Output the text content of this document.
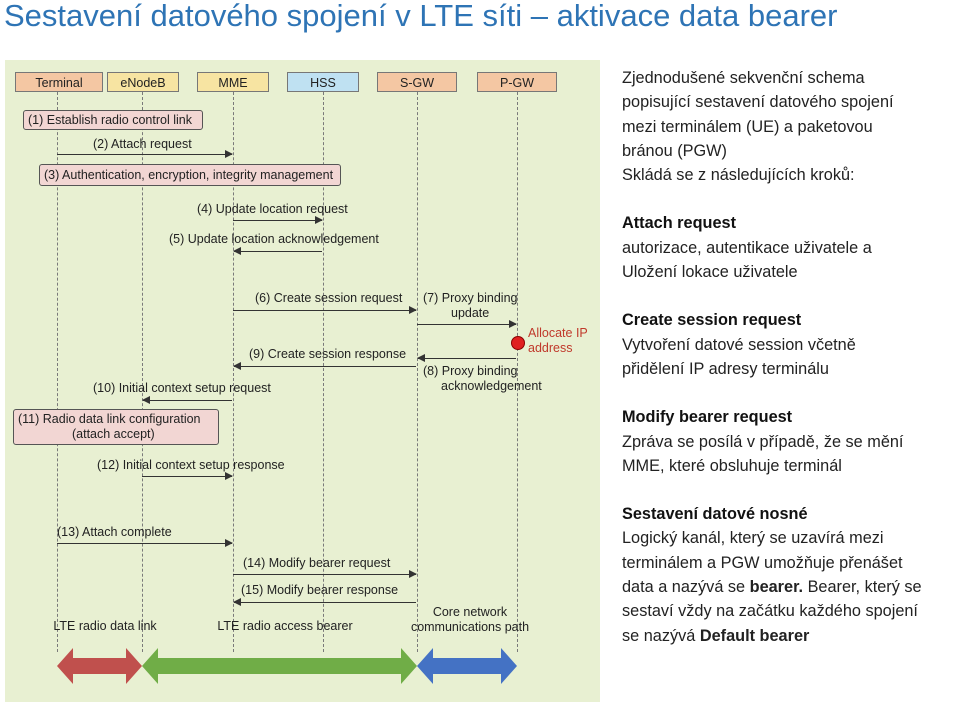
Sestavení datového spojení v LTE síti – aktivace data bearer
Terminal	eNodeB	MME	HSS	S-GW	P-GW
(1) Establish radio control link
(2) Attach request
(3) Authentication, encryption, integrity management
(4) Update location request
(5) Update location acknowledgement
(6) Create session request (7) Proxy binding
update
Allocate IP
address
(9) Create session response
(8) Proxy binding
acknowledgement
(10) Initial context setup request
(11) Radio data link configuration
(attach accept)
(12) Initial context setup response
(13) Attach complete
(14) Modify bearer request
(15) Modify bearer response
LTE radio data link	LTE radio access bearer
Core network
communications path
Zjednodušené sekvenční schema
popisující sestavení datového spojení
mezi terminálem (UE) a paketovou
bránou (PGW)
Skládá se z následujících kroků:
Attach request
autorizace, autentikace uživatele a
Uložení lokace uživatele
Create session request
Vytvoření datové session včetně
přidělení IP adresy terminálu
Modify bearer request
Zpráva se posílá v případě, že se mění
MME, které obsluhuje terminál
Sestavení datové nosné
Logický kanál, který se uzavírá mezi
terminálem a PGW umožňuje přenášet
data a nazývá se bearer. Bearer, který se
sestaví vždy na začátku každého spojení
se nazývá Default bearer
